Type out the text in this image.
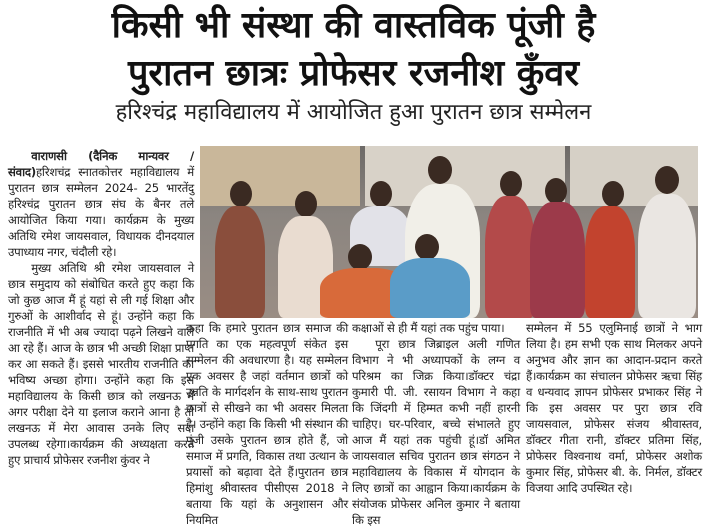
किसी भी संस्था की वास्तविक पूंजी है
पुरातन छात्रः प्रोफेसर रजनीश कुँवर
हरिश्चंद्र महाविद्यालय में आयोजित हुआ पुरातन छात्र सम्मेलन

वाराणसी (दैनिक मान्यवर /संवाद)हरिशचंद्र स्नातकोत्तर महाविद्यालय में पुरातन छात्र सम्मेलन 2024- 25 भारतेंदु हरिश्चंद्र पुरातन छात्र संघ के बैनर तले आयोजित किया गया। कार्यक्रम के मुख्य अतिथि रमेश जायसवाल, विधायक दीनदयाल उपाध्याय नगर, चंदौली रहे।

मुख्य अतिथि श्री रमेश जायसवाल ने छात्र समुदाय को संबोधित करते हुए कहा कि जो कुछ आज मैं हूं यहां से ली गई शिक्षा और गुरुओं के आशीर्वाद से हूं। उन्होंने कहा कि राजनीति में भी अब ज्यादा पढ़ने लिखने वाले आ रहे हैं। आज के छात्र भी अच्छी शिक्षा प्राप्त कर आ सकते हैं। इससे भारतीय राजनीति का भविष्य अच्छा होगा। उन्होंने कहा कि इस महाविद्यालय के किसी छात्र को लखनऊ में अगर परीक्षा देने या इलाज कराने आना है तो लखनऊ में मेरा आवास उनके लिए सदा उपलब्ध रहेगा।कार्यक्रम की अध्यक्षता करते हुए प्राचार्य प्रोफेसर रजनीश कुंवर ने

कहा कि हमारे पुरातन छात्र समाज की प्रगति का एक महत्वपूर्ण संकेत इस सम्मेलन की अवधारणा है। यह सम्मेलन एक अवसर है जहां वर्तमान छात्रों को उन्नति के मार्गदर्शन के साथ-साथ पुरातन छात्रों से सीखने का भी अवसर मिलता है। उन्होंने कहा कि किसी भी संस्थान की पूंजी उसके पुरातन छात्र होते हैं, जो समाज में प्रगति, विकास तथा उत्थान के प्रयासों को बढ़ावा देते हैं।पुरातन छात्र हिमांशु श्रीवास्तव पीसीएस 2018 ने बताया कि यहां के अनुशासन और नियमित

कक्षाओं से ही मैं यहां तक पहुंच पाया।

पूरा छात्र जिब्राइल अली गणित विभाग ने भी अध्यापकों के लग्न व परिश्रम का जिक्र किया।डॉक्टर चंद्रा कुमारी पी. जी. रसायन विभाग ने कहा कि जिंदगी में हिम्मत कभी नहीं हारनी चाहिए। घर-परिवार, बच्चे संभालते हुए आज मैं यहां तक पहुंची हूं।डॉ अमित जायसवाल सचिव पुरातन छात्र संगठन ने महाविद्यालय के विकास में योगदान के लिए छात्रों का आह्वान किया।कार्यक्रम के संयोजक प्रोफेसर अनिल कुमार ने बताया कि इस

सम्मेलन में 55 एलुमिनाई छात्रों ने भाग लिया है। हम सभी एक साथ मिलकर अपने अनुभव और ज्ञान का आदान-प्रदान करते हैं।कार्यक्रम का संचालन प्रोफेसर ऋचा सिंह व धन्यवाद ज्ञापन प्रोफेसर प्रभाकर सिंह ने कि इस अवसर पर पुरा छात्र रवि जायसवाल, प्रोफेसर संजय श्रीवास्तव, डॉक्टर गीता रानी, डॉक्टर प्रतिमा सिंह, प्रोफेसर विश्वनाथ वर्मा, प्रोफेसर अशोक कुमार सिंह, प्रोफेसर बी. के. निर्मल, डॉक्टर विजया आदि उपस्थित रहे।
